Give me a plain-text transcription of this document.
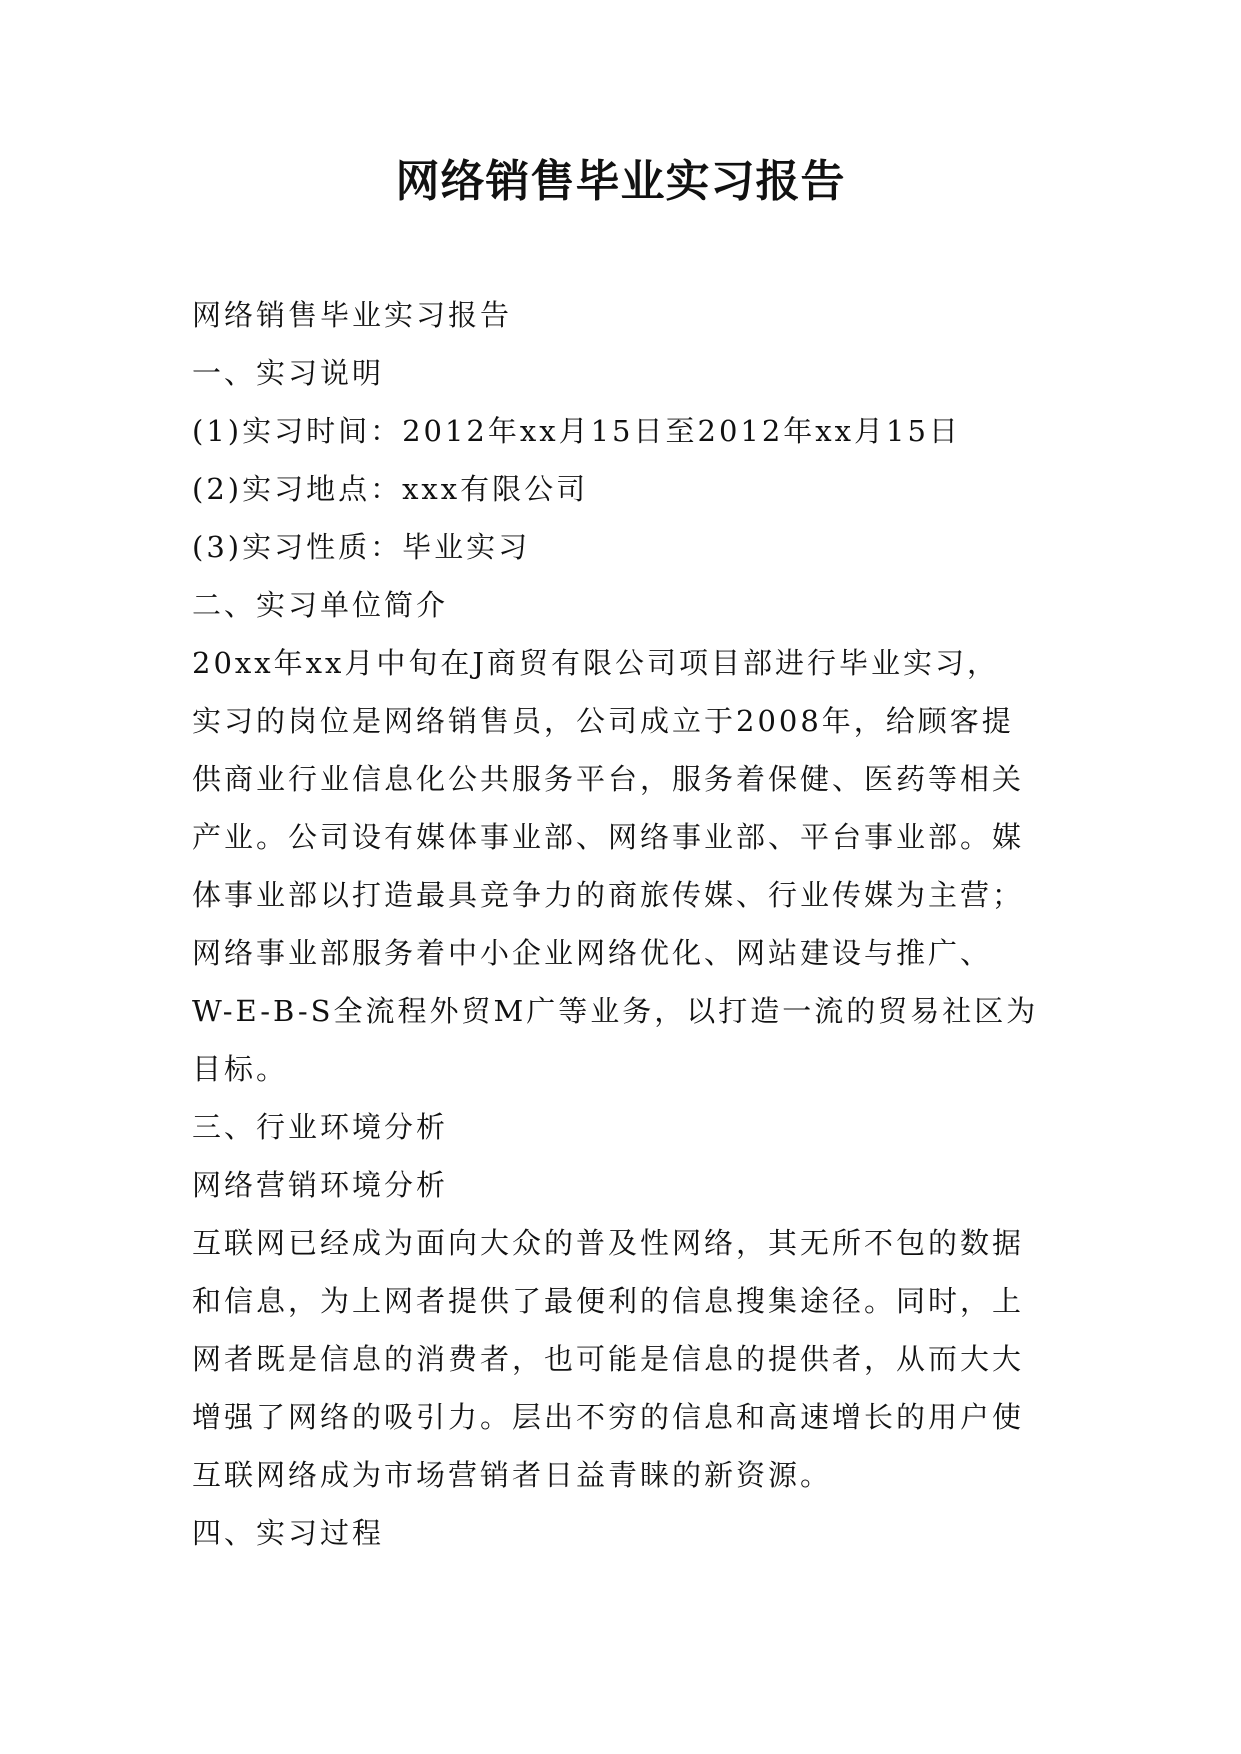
网络销售毕业实习报告

网络销售毕业实习报告

一、实习说明

(1)实习时间：2012年xx月15日至2012年xx月15日

(2)实习地点：xxx有限公司

(3)实习性质：毕业实习

二、实习单位简介

20xx年xx月中旬在J商贸有限公司项目部进行毕业实习，

实习的岗位是网络销售员，公司成立于2008年，给顾客提

供商业行业信息化公共服务平台，服务着保健、医药等相关

产业。公司设有媒体事业部、网络事业部、平台事业部。媒

体事业部以打造最具竞争力的商旅传媒、行业传媒为主营；

网络事业部服务着中小企业网络优化、网站建设与推广、

W-E-B-S全流程外贸M广等业务，以打造一流的贸易社区为

目标。

三、行业环境分析

网络营销环境分析

互联网已经成为面向大众的普及性网络，其无所不包的数据

和信息，为上网者提供了最便利的信息搜集途径。同时，上

网者既是信息的消费者，也可能是信息的提供者，从而大大

增强了网络的吸引力。层出不穷的信息和高速增长的用户使

互联网络成为市场营销者日益青睐的新资源。

四、实习过程
